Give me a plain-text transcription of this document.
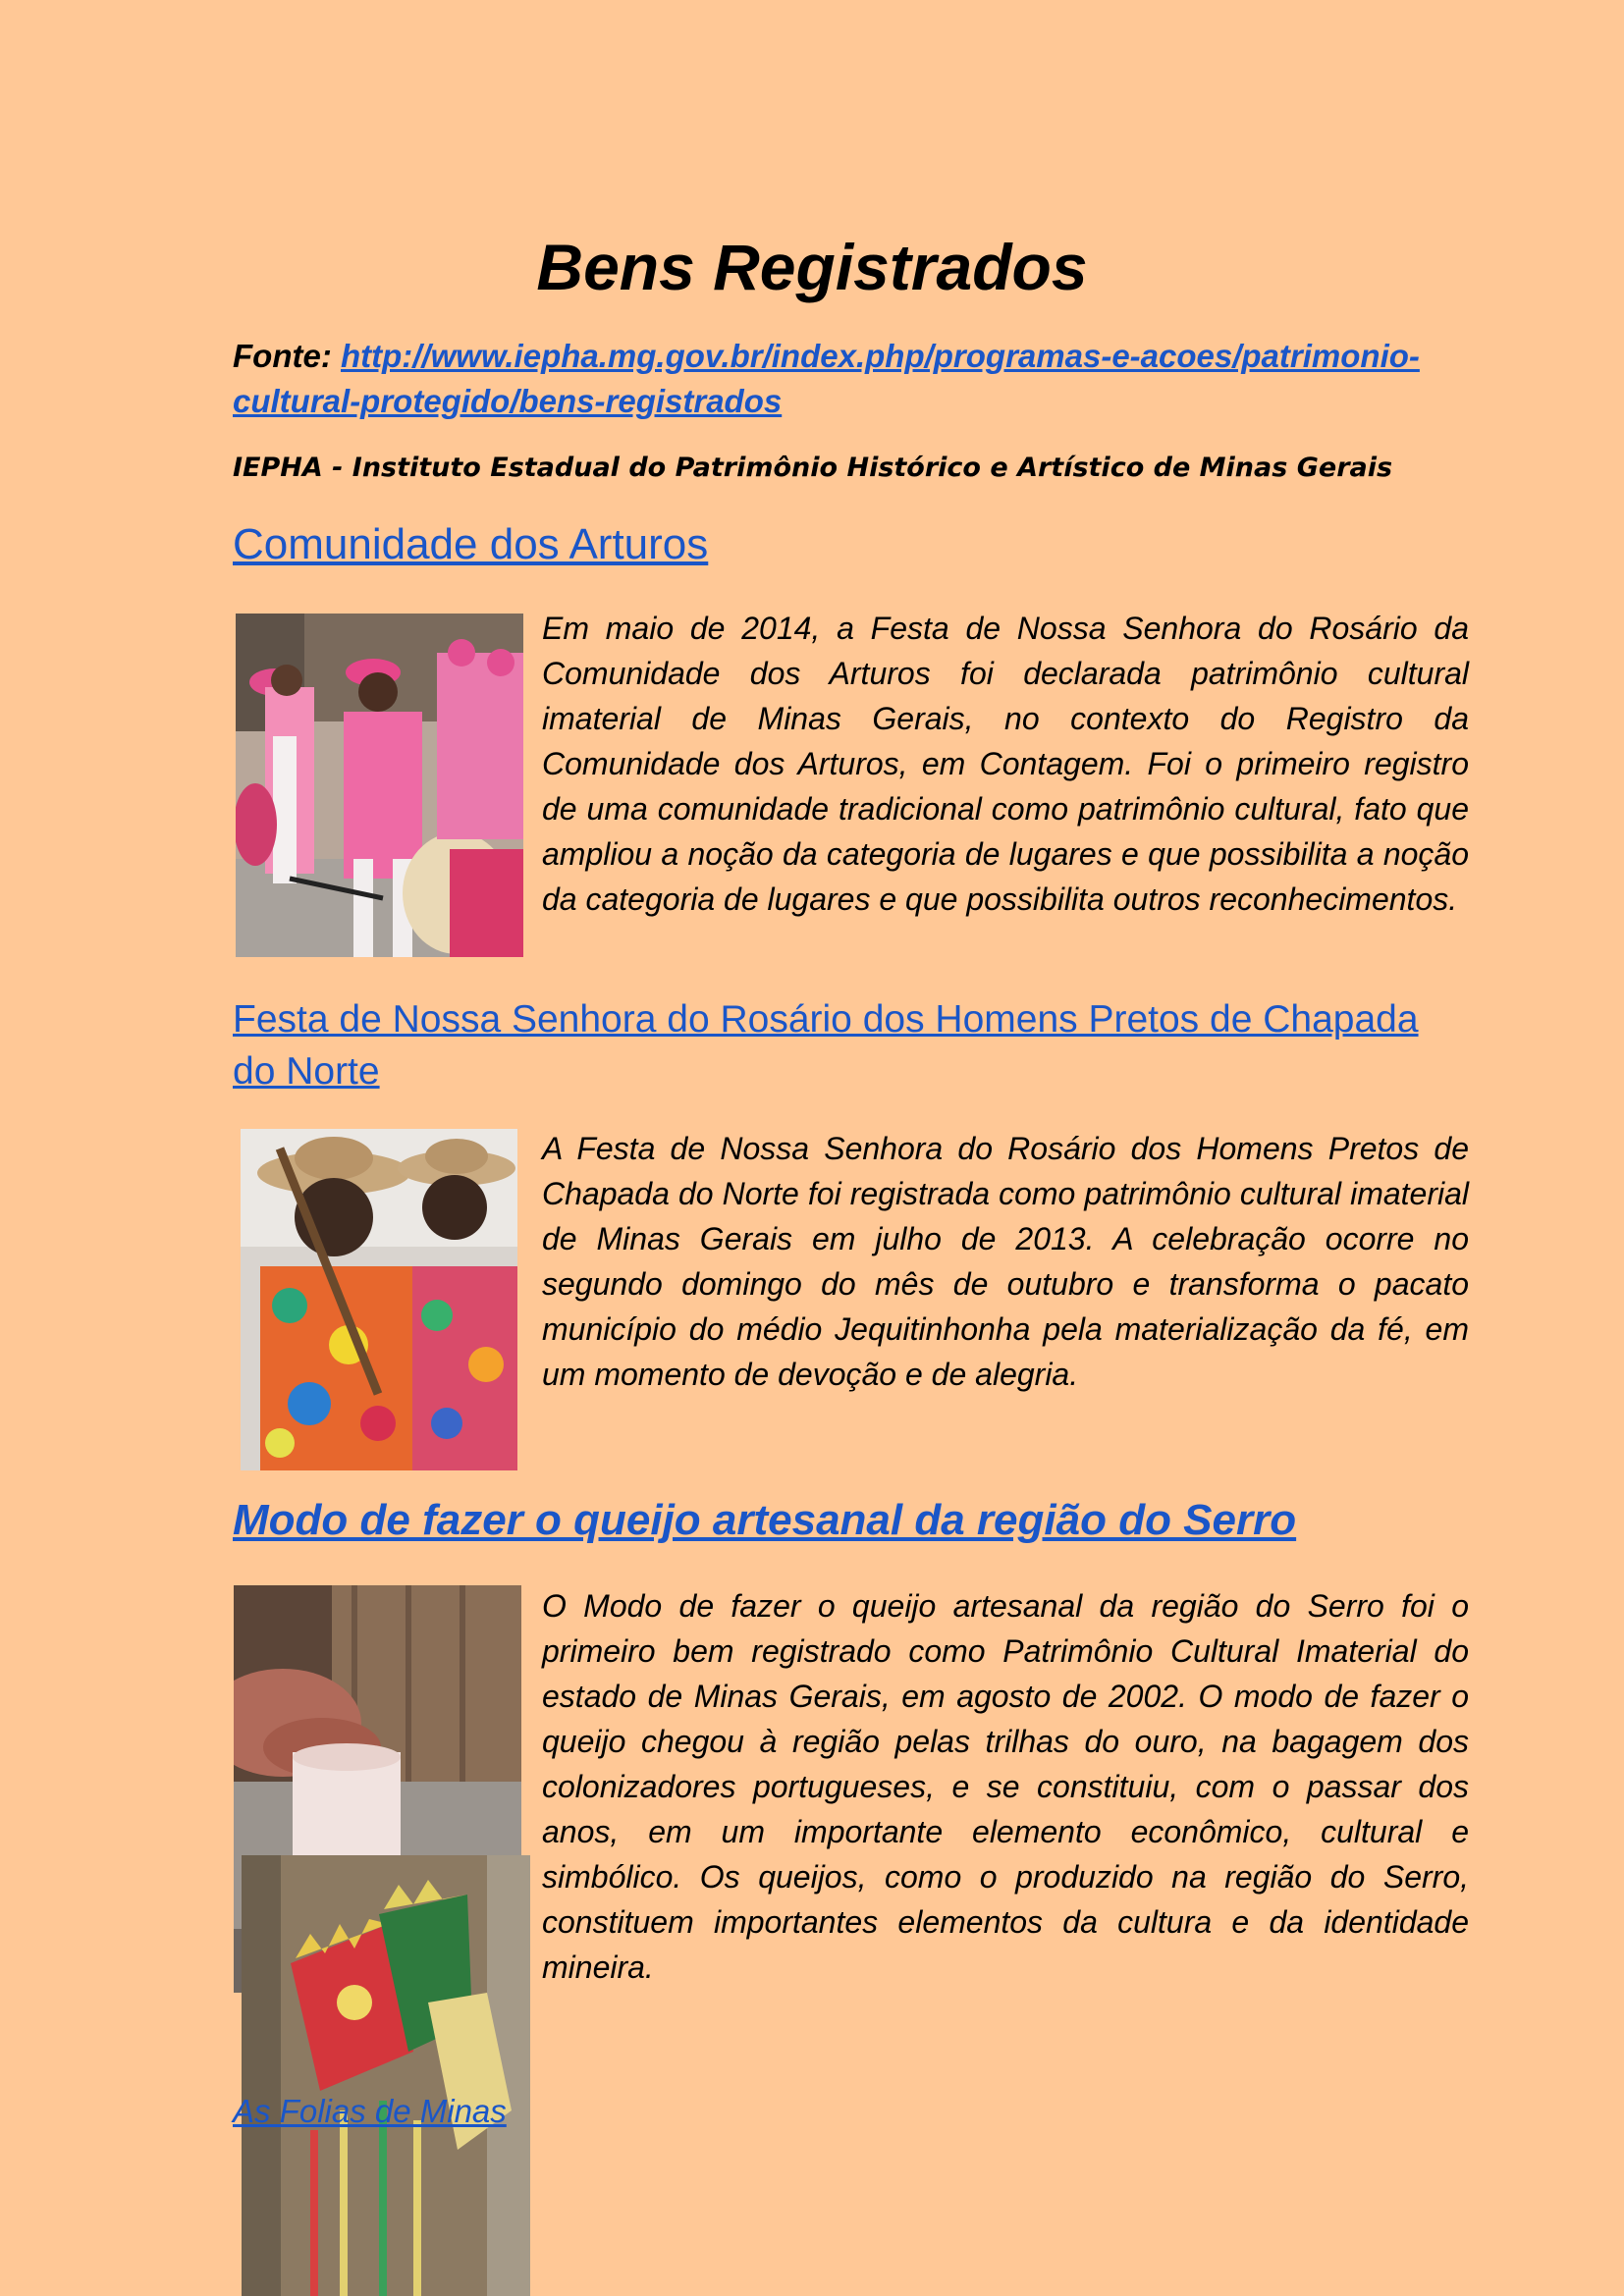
Bens Registrados
Fonte: http://www.iepha.mg.gov.br/index.php/programas-e-acoes/patrimonio-cultural-protegido/bens-registrados
IEPHA - Instituto Estadual do Patrimônio Histórico e Artístico de Minas Gerais
Comunidade dos Arturos
Em maio de 2014, a Festa de Nossa Senhora do Rosário da Comunidade dos Arturos foi declarada patrimônio cultural imaterial de Minas Gerais, no contexto do Registro da Comunidade dos Arturos, em Contagem. Foi o primeiro registro de uma comunidade tradicional como patrimônio cultural, fato que ampliou a noção da categoria de lugares e que possibilita a noção da categoria de lugares e que possibilita outros reconhecimentos.
Festa de Nossa Senhora do Rosário dos Homens Pretos de Chapada do Norte
A Festa de Nossa Senhora do Rosário dos Homens Pretos de Chapada do Norte foi registrada como patrimônio cultural imaterial de Minas Gerais em julho de 2013. A celebração ocorre no segundo domingo do mês de outubro e transforma o pacato município do médio Jequitinhonha pela materialização da fé, em um momento de devoção e de alegria.
Modo de fazer o queijo artesanal da região do Serro
O Modo de fazer o queijo artesanal da região do Serro foi o primeiro bem registrado como Patrimônio Cultural Imaterial do estado de Minas Gerais, em agosto de 2002. O modo de fazer o queijo chegou à região pelas trilhas do ouro, na bagagem dos colonizadores portugueses, e se constituiu, com o passar dos anos, em um importante elemento econômico, cultural e simbólico. Os queijos, como o produzido na região do Serro, constituem importantes elementos da cultura e da identidade mineira.
As Folias de Minas
